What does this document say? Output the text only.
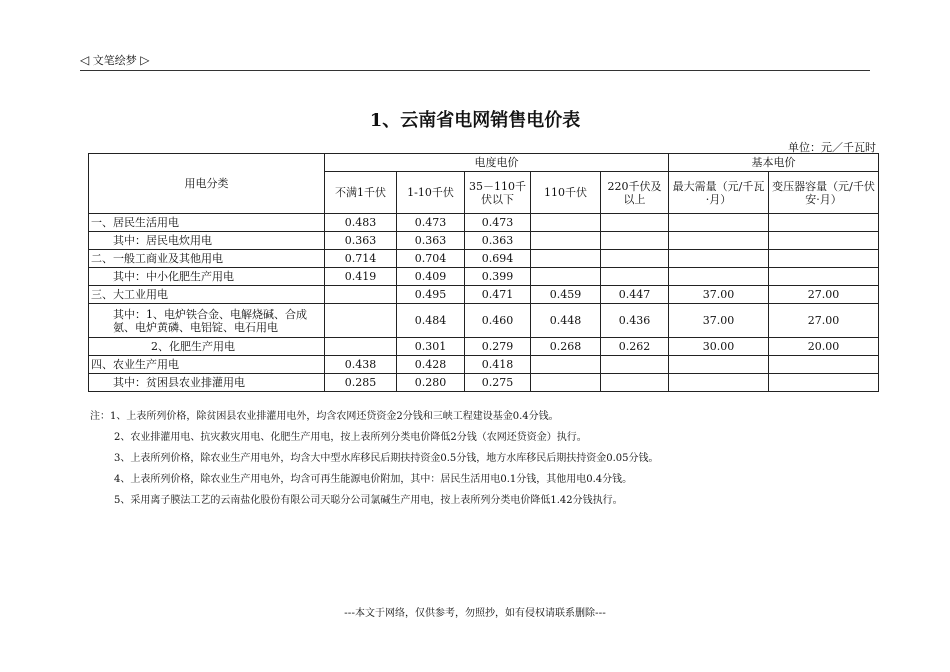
◁ 文笔绘梦 ▷
1、云南省电网销售电价表
单位：元／千瓦时
用电分类	电度电价					基本电价	
	不满1千伏	1-10千伏	35－110千伏以下	110千伏	220千伏及以上	最大需量（元/千瓦·月）	变压器容量（元/千伏安·月）
一、居民生活用电	0.483	0.473	0.473				
其中：居民电炊用电	0.363	0.363	0.363				
二、一般工商业及其他用电	0.714	0.704	0.694				
其中：中小化肥生产用电	0.419	0.409	0.399				
三、大工业用电		0.495	0.471	0.459	0.447	37.00	27.00
其中：1、电炉铁合金、电解烧碱、合成氨、电炉黄磷、电铝锭、电石用电		0.484	0.460	0.448	0.436	37.00	27.00
2、化肥生产用电		0.301	0.279	0.268	0.262	30.00	20.00
四、农业生产用电	0.438	0.428	0.418				
其中：贫困县农业排灌用电	0.285	0.280	0.275				
注：1、上表所列价格，除贫困县农业排灌用电外，均含农网还贷资金2分钱和三峡工程建设基金0.4分钱。
2、农业排灌用电、抗灾救灾用电、化肥生产用电，按上表所列分类电价降低2分钱（农网还贷资金）执行。
3、上表所列价格，除农业生产用电外，均含大中型水库移民后期扶持资金0.5分钱，地方水库移民后期扶持资金0.05分钱。
4、上表所列价格，除农业生产用电外，均含可再生能源电价附加，其中：居民生活用电0.1分钱，其他用电0.4分钱。
5、采用离子膜法工艺的云南盐化股份有限公司天聪分公司氯碱生产用电，按上表所列分类电价降低1.42分钱执行。
---本文于网络，仅供参考，勿照抄，如有侵权请联系删除---
